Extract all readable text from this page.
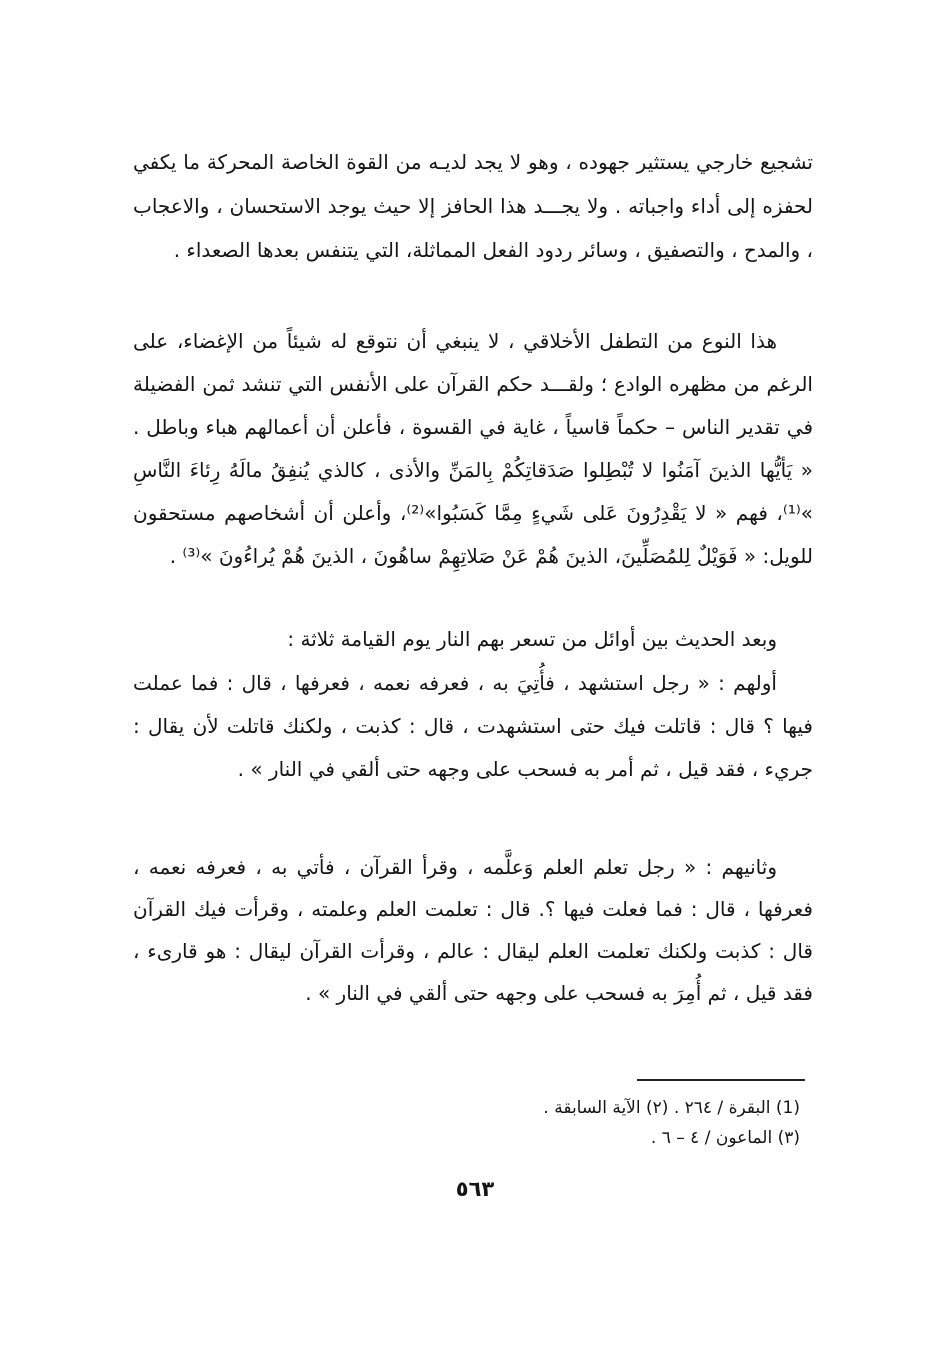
تشجيع خارجي يستثير جهوده ، وهو لا يجد لديـه من القوة الخاصة المحركة ما يكفي لحفزه إلى أداء واجباته . ولا يجـــد هذا الحافز إلا حيث يوجد الاستحسان ، والاعجاب ، والمدح ، والتصفيق ، وسائر ردود الفعل المماثلة، التي يتنفس بعدها الصعداء .

هذا النوع من التطفل الأخلاقي ، لا ينبغي أن نتوقع له شيئاً من الإغضاء، على الرغم من مظهره الوادع ؛ ولقـــد حكم القرآن على الأنفس التي تنشد ثمن الفضيلة في تقدير الناس – حكماً قاسياً ، غاية في القسوة ، فأعلن أن أعمالهم هباء وباطل . « يَأيُّها الذينَ آمَنُوا لا تُبْطِلوا صَدَقاتِكُمْ بِالمَنِّ والأذى ، كالذي يُنفِقُ مالَهُ رِئاءَ النَّاسِ »⁽¹⁾، فهم « لا يَقْدِرُونَ عَلى شَيءٍ مِمَّا كَسَبُوا»⁽²⁾، وأعلن أن أشخاصهم مستحقون للويل: « فَوَيْلٌ لِلمُصَلِّينَ، الذينَ هُمْ عَنْ صَلاتِهِمْ ساهُونَ ، الذينَ هُمْ يُراءُونَ »⁽³⁾ .

وبعد الحديث بين أوائل من تسعر بهم النار يوم القيامة ثلاثة :

أولهم : « رجل استشهد ، فأُتِيَ به ، فعرفه نعمه ، فعرفها ، قال : فما عملت فيها ؟ قال : قاتلت فيك حتى استشهدت ، قال : كذبت ، ولكنك قاتلت لأن يقال : جريء ، فقد قيل ، ثم أمر به فسحب على وجهه حتى ألقي في النار » .

وثانيهم : « رجل تعلم العلم وَعلَّمه ، وقرأ القرآن ، فأتي به ، فعرفه نعمه ، فعرفها ، قال : فما فعلت فيها ؟. قال : تعلمت العلم وعلمته ، وقرأت فيك القرآن قال : كذبت ولكنك تعلمت العلم ليقال : عالم ، وقرأت القرآن ليقال : هو قارىء ، فقد قيل ، ثم أُمِرَ به فسحب على وجهه حتى ألقي في النار » .

(1) البقرة / ٢٦٤ . (٢) الآية السابقة .
(٣) الماعون / ٤ – ٦ .
٥٦٣
